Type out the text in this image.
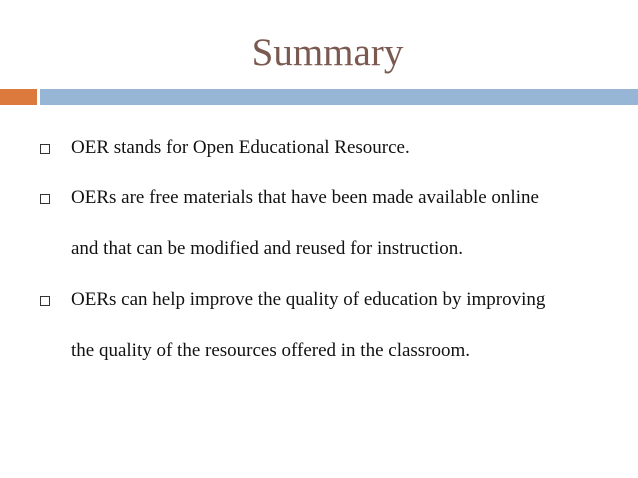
Summary
OER stands for Open Educational Resource.
OERs are free materials that have been made available online
and that can be modified and reused for instruction.
OERs can help improve the quality of education by improving
the quality of the resources offered in the classroom.
